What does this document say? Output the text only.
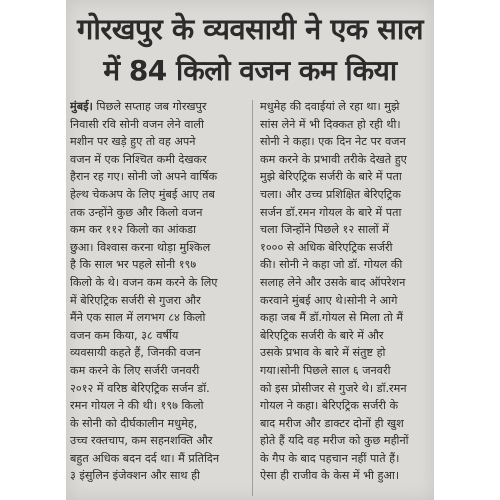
गोरखपुर के व्यवसायी ने एक साल
में 84 किलो वजन कम किया
मुंबई। पिछले सप्ताह जब गोरखपुर
निवासी रवि सोनी वजन लेने वाली
मशीन पर खड़े हुए तो वह अपने
वजन में एक निश्चित कमी देखकर
हैरान रह गए। सोनी जो अपने वार्षिक
हेल्थ चेकअप के लिए मुंबई आए तब
तक उन्होंने कुछ और किलो वजन
कम कर ११२ किलो का आंकडा
छुआ। विश्वास करना थोड़ा मुश्किल
है कि साल भर पहले सोनी १९७
किलो के थे। वजन कम करने के लिए
में बेरिएट्रिक सर्जरी से गुजरा और
मैंने एक साल में लगभग ८४ किलो
वजन कम किया, ३८ वर्षीय
व्यवसायी कहते हैं, जिनकी वजन
कम करने के लिए सर्जरी जनवरी
२०१२ में वरिष्ठ बेरिएट्रिक सर्जन डॉ.
रमन गोयल ने की थी। १९७ किलो
के सोनी को दीर्घकालीन मधुमेह,
उच्च रक्तचाप, कम सहनशक्ति और
बहुत अधिक बदन दर्द था। मैं प्रतिदिन
३ इंसुलिन इंजेक्शन और साथ ही
मधुमेह की दवाईयां ले रहा था। मुझे
सांस लेने में भी दिक्कत हो रही थी।
सोनी ने कहा। एक दिन नेट पर वजन
कम करने के प्रभावी तरीके देखते हुए
मुझे बेरिएट्रिक सर्जरी के बारे में पता
चला। और उच्च प्रशिक्षित बेरिएट्रिक
सर्जन डॉ.रमन गोयल के बारे में पता
चला जिन्होंने पिछले १२ सालों में
१००० से अधिक बेरिएट्रिक सर्जरी
की। सोनी ने कहा जो डॉ. गोयल की
सलाह लेने और उसके बाद ऑपरेशन
करवाने मुंबई आए थे।सोनी ने आगे
कहा जब मैं डॉ.गोयल से मिला तो मैं
बेरिएट्रिक सर्जरी के बारे में और
उसके प्रभाव के बारे में संतुष्ट हो
गया।सोनी पिछले साल ६ जनवरी
को इस प्रोसीजर से गुजरे थे। डॉ.रमन
गोयल ने कहा। बेरिएट्रिक सर्जरी के
बाद मरीज और डाक्टर दोनों ही खुश
होते हैं यदि वह मरीज को कुछ महीनों
के गैप के बाद पहचान नहीं पाते हैं।
ऐसा ही राजीव के केस में भी हुआ।
